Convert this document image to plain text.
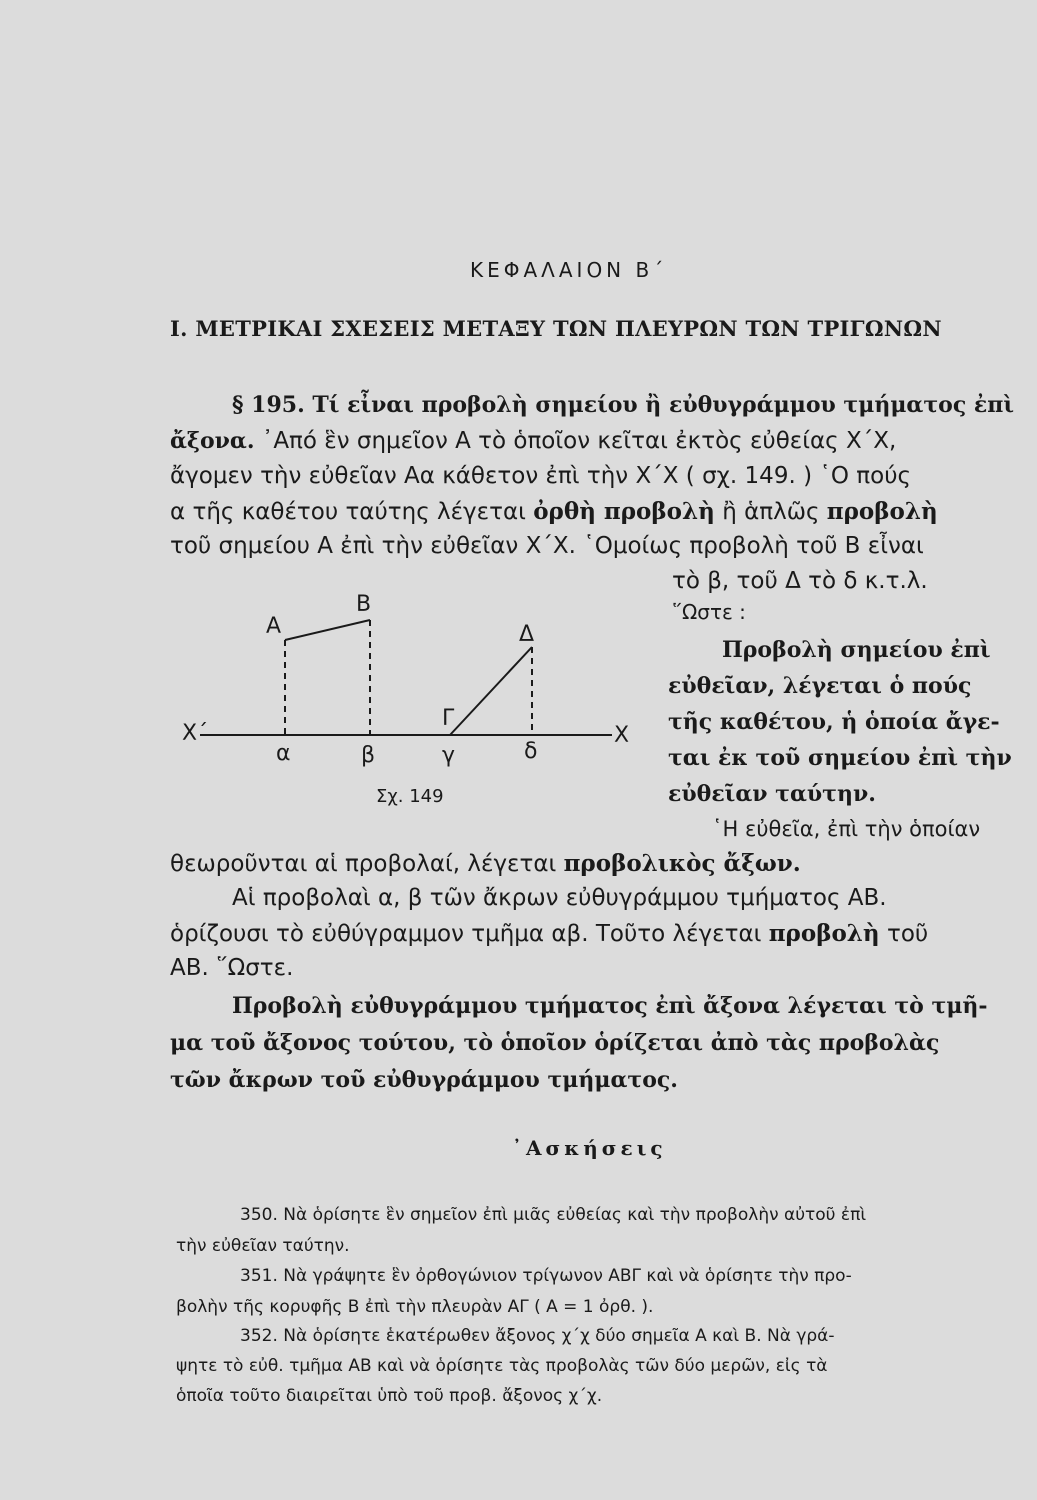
ΚΕΦΑΛΑΙΟΝ Β΄
Ι. ΜΕΤΡΙΚΑΙ ΣΧΕΣΕΙΣ ΜΕΤΑΞΥ ΤΩΝ ΠΛΕΥΡΩΝ ΤΩΝ ΤΡΙΓΩΝΩΝ
§ 195. Τί εἶναι προβολὴ σημείου ἢ εὐθυγράμμου τμήματος ἐπὶ
ἄξονα. ᾿Από ἓν σημεῖον Α τὸ ὁποῖον κεῖται ἐκτὸς εὐθείας Χ΄Χ,
ἄγομεν τὴν εὐθεῖαν Αα κάθετον ἐπὶ τὴν Χ΄Χ ( σχ. 149. ) ῾Ο πούς
α τῆς καθέτου ταύτης λέγεται ὀρθὴ προβολὴ ἢ ἁπλῶς προβολὴ
τοῦ σημείου Α ἐπὶ τὴν εὐθεῖαν Χ΄Χ. ῾Ομοίως προβολὴ τοῦ Β εἶναι
τὸ β, τοῦ Δ τὸ δ κ.τ.λ.
῞Ωστε :
Προβολὴ σημείου ἐπὶ
εὐθεῖαν, λέγεται ὁ πούς
τῆς καθέτου, ἡ ὁποία ἄγε-
ται ἐκ τοῦ σημείου ἐπὶ τὴν
εὐθεῖαν ταύτην.
῾Η εὐθεῖα, ἐπὶ τὴν ὁποίαν
θεωροῦνται αἱ προβολαί, λέγεται προβολικὸς ἄξων.
Αἱ προβολαὶ α, β τῶν ἄκρων εὐθυγράμμου τμήματος ΑΒ.
ὁρίζουσι τὸ εὐθύγραμμον τμῆμα αβ. Τοῦτο λέγεται προβολὴ τοῦ
ΑΒ. ῞Ωστε.
Προβολὴ εὐθυγράμμου τμήματος ἐπὶ ἄξονα λέγεται τὸ τμῆ-
μα τοῦ ἄξονος τούτου, τὸ ὁποῖον ὁρίζεται ἀπὸ τὰς προβολὰς
τῶν ἄκρων τοῦ εὐθυγράμμου τμήματος.
Α
Β
Δ
Γ
Χ΄	Χ
α	β	γ	δ
Σχ. 149
᾿Ασκήσεις
350. Νὰ ὁρίσητε ἓν σημεῖον ἐπὶ μιᾶς εὐθείας καὶ τὴν προβολὴν αὐτοῦ ἐπὶ
τὴν εὐθεῖαν ταύτην.
351. Νὰ γράψητε ἓν ὀρθογώνιον τρίγωνον ΑΒΓ καὶ νὰ ὁρίσητε τὴν προ-
βολὴν τῆς κορυφῆς Β ἐπὶ τὴν πλευρὰν ΑΓ ( Α = 1 ὀρθ. ).
352. Νὰ ὁρίσητε ἑκατέρωθεν ἄξονος χ΄χ δύο σημεῖα Α καὶ Β. Νὰ γρά-
ψητε τὸ εὐθ. τμῆμα ΑΒ καὶ νὰ ὁρίσητε τὰς προβολὰς τῶν δύο μερῶν, εἰς τὰ
ὁποῖα τοῦτο διαιρεῖται ὑπὸ τοῦ προβ. ἄξονος χ΄χ.
